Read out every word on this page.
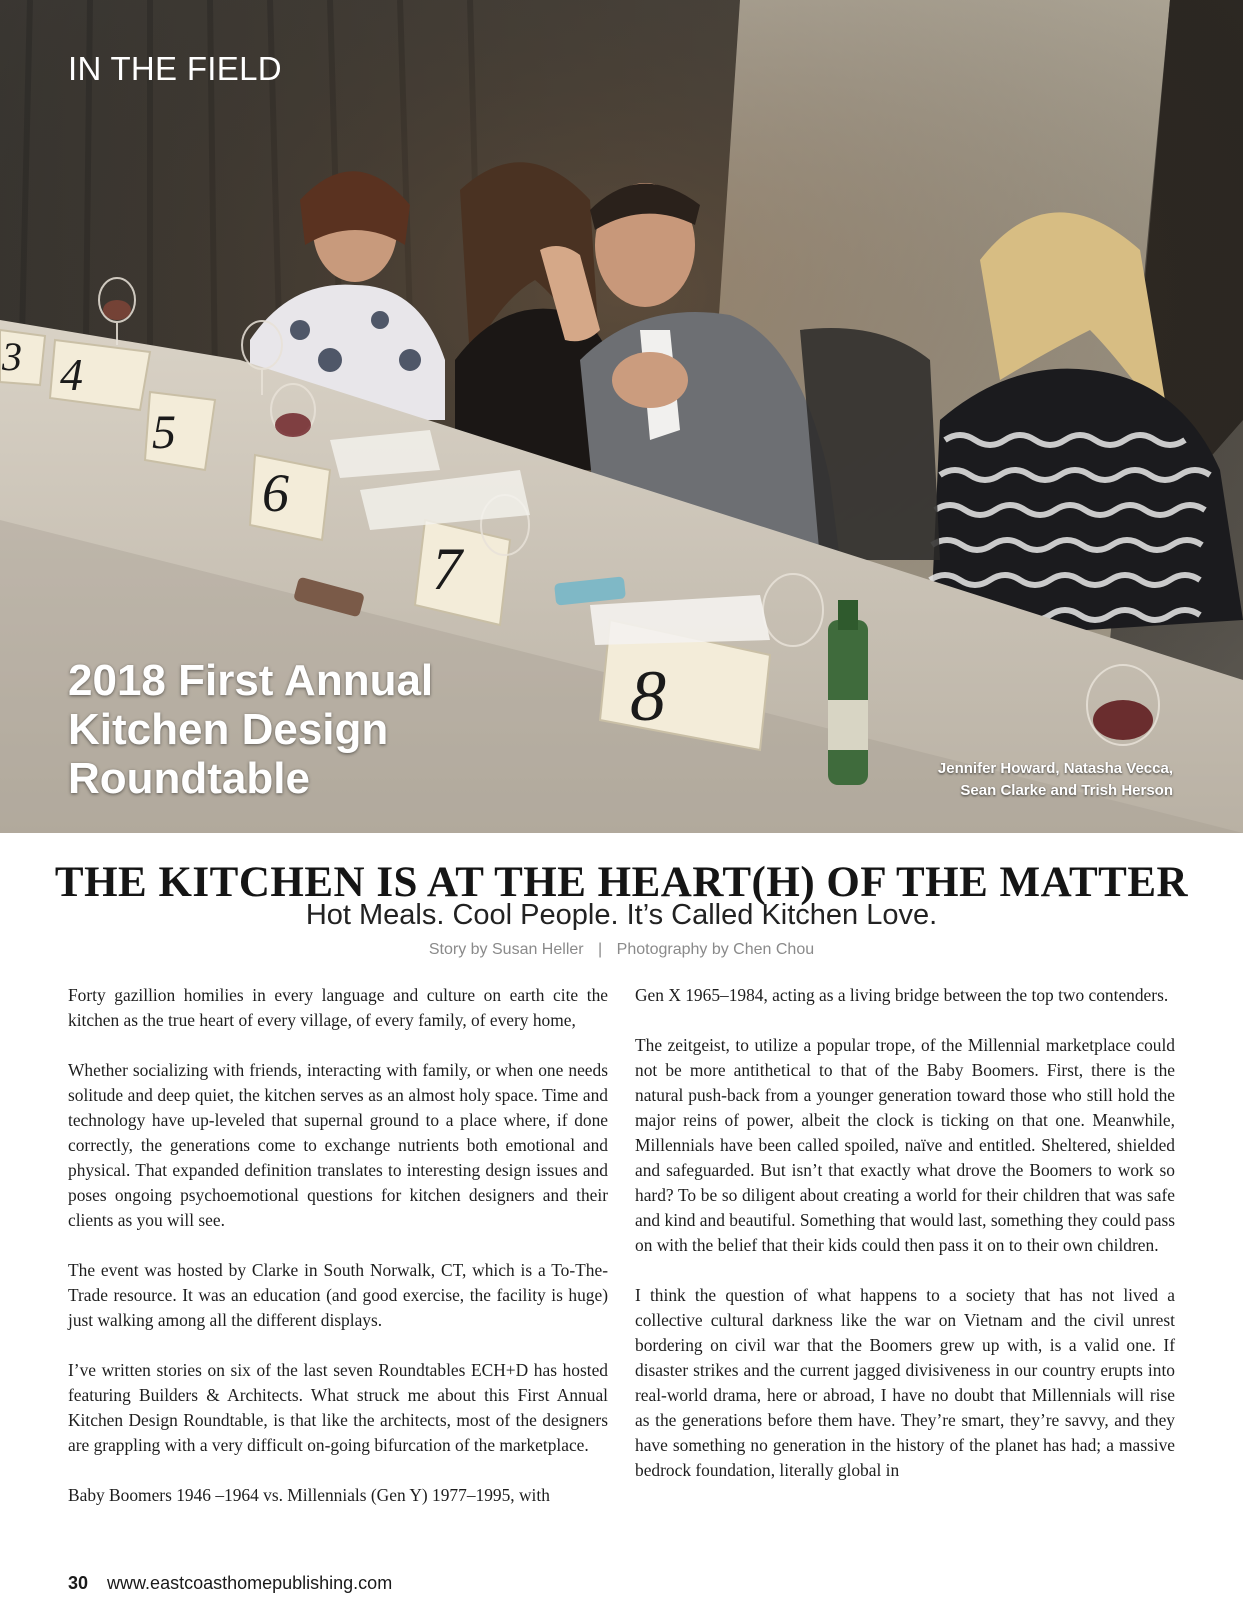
3 4
5
6
7
8
IN THE FIELD
2018 First Annual
Kitchen Design
Roundtable	Jennifer Howard, Natasha Vecca,
Sean Clarke and Trish Herson
THE KITCHEN IS AT THE HEART(H) OF THE MATTER
Hot Meals. Cool People. It’s Called Kitchen Love.
Story by Susan Heller | Photography by Chen Chou

Forty gazillion homilies in every language and culture on earth cite the kitchen as the true heart of every village, of every family, of every home,

Whether socializing with friends, interacting with family, or when one needs solitude and deep quiet, the kitchen serves as an almost holy space. Time and technology have up-leveled that supernal ground to a place where, if done correctly, the generations come to exchange nutrients both emotional and physical. That expanded definition translates to interesting design issues and poses ongoing psychoemotional questions for kitchen designers and their clients as you will see.

The event was hosted by Clarke in South Norwalk, CT, which is a To-The-Trade resource. It was an education (and good exercise, the facility is huge) just walking among all the different displays.

I’ve written stories on six of the last seven Roundtables ECH+D has hosted featuring Builders & Architects. What struck me about this First Annual Kitchen Design Roundtable, is that like the architects, most of the designers are grappling with a very difficult on-going bifurcation of the marketplace.

Baby Boomers 1946 –1964 vs. Millennials (Gen Y) 1977–1995, with

Gen X 1965–1984, acting as a living bridge between the top two contenders.

The zeitgeist, to utilize a popular trope, of the Millennial marketplace could not be more antithetical to that of the Baby Boomers. First, there is the natural push-back from a younger generation toward those who still hold the major reins of power, albeit the clock is ticking on that one. Meanwhile, Millennials have been called spoiled, naïve and entitled. Sheltered, shielded and safeguarded. But isn’t that exactly what drove the Boomers to work so hard? To be so diligent about creating a world for their children that was safe and kind and beautiful. Something that would last, something they could pass on with the belief that their kids could then pass it on to their own children.

I think the question of what happens to a society that has not lived a collective cultural darkness like the war on Vietnam and the civil unrest bordering on civil war that the Boomers grew up with, is a valid one. If disaster strikes and the current jagged divisiveness in our country erupts into real-world drama, here or abroad, I have no doubt that Millennials will rise as the generations before them have. They’re smart, they’re savvy, and they have something no generation in the history of the planet has had; a massive bedrock foundation, literally global in

30 www.eastcoasthomepublishing.com
